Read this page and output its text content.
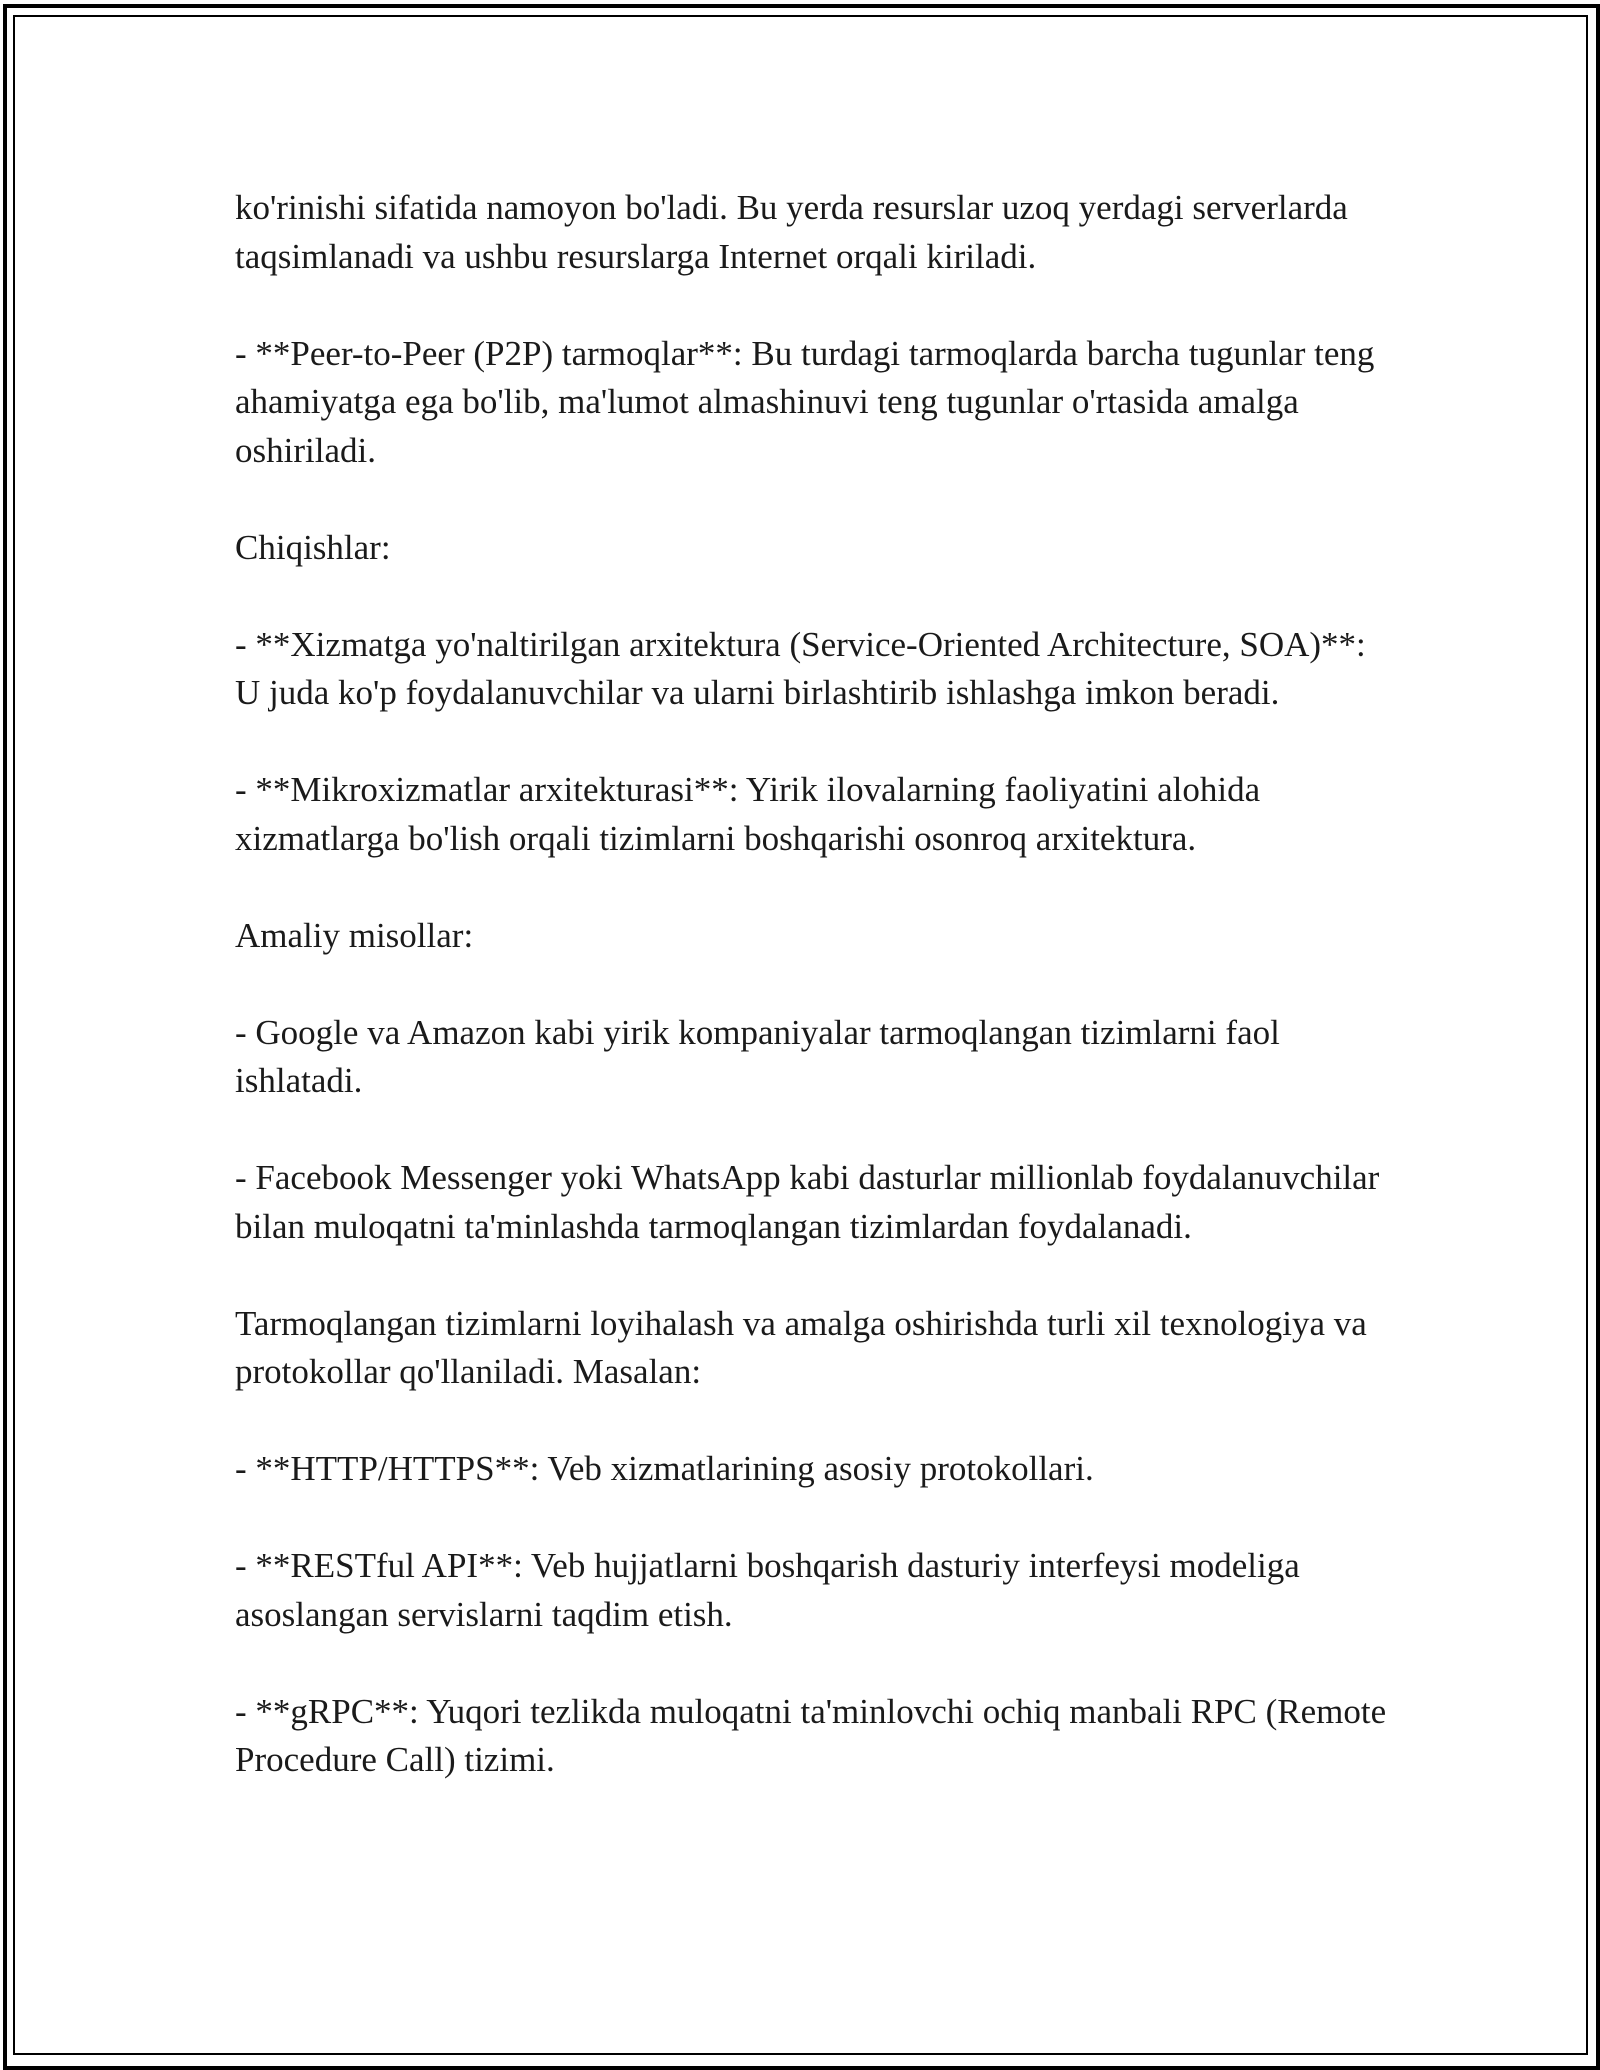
ko'rinishi sifatida namoyon bo'ladi. Bu yerda resurslar uzoq yerdagi serverlarda taqsimlanadi va ushbu resurslarga Internet orqali kiriladi.

- **Peer-to-Peer (P2P) tarmoqlar**: Bu turdagi tarmoqlarda barcha tugunlar teng ahamiyatga ega bo'lib, ma'lumot almashinuvi teng tugunlar o'rtasida amalga oshiriladi.

Chiqishlar:

- **Xizmatga yo'naltirilgan arxitektura (Service-Oriented Architecture, SOA)**: U juda ko'p foydalanuvchilar va ularni birlashtirib ishlashga imkon beradi.

- **Mikroxizmatlar arxitekturasi**: Yirik ilovalarning faoliyatini alohida xizmatlarga bo'lish orqali tizimlarni boshqarishi osonroq arxitektura.

Amaliy misollar:

- Google va Amazon kabi yirik kompaniyalar tarmoqlangan tizimlarni faol ishlatadi.

- Facebook Messenger yoki WhatsApp kabi dasturlar millionlab foydalanuvchilar bilan muloqatni ta'minlashda tarmoqlangan tizimlardan foydalanadi.

Tarmoqlangan tizimlarni loyihalash va amalga oshirishda turli xil texnologiya va protokollar qo'llaniladi. Masalan:

- **HTTP/HTTPS**: Veb xizmatlarining asosiy protokollari.

- **RESTful API**: Veb hujjatlarni boshqarish dasturiy interfeysi modeliga asoslangan servislarni taqdim etish.

- **gRPC**: Yuqori tezlikda muloqatni ta'minlovchi ochiq manbali RPC (Remote Procedure Call) tizimi.
